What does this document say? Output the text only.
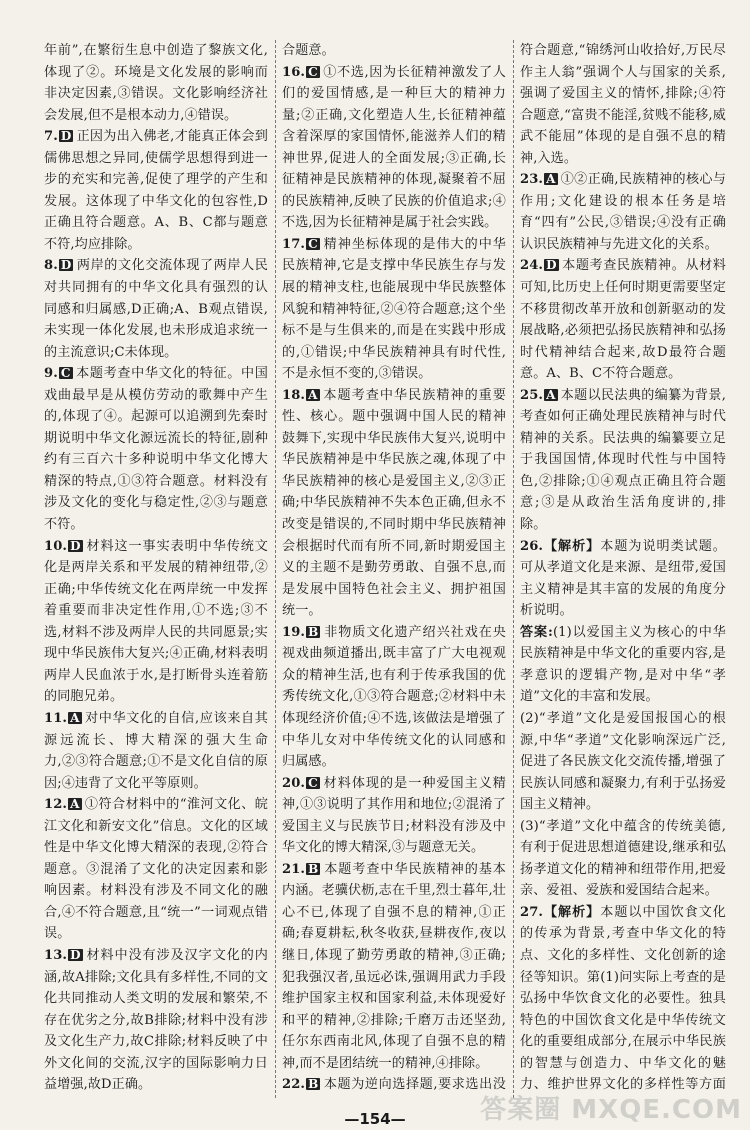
年前”,在繁衍生息中创造了黎族文化,体现了②。环境是文化发展的影响而非决定因素,③错误。文化影响经济社会发展,但不是根本动力,④错误。

7. D 正因为出入佛老,才能真正体会到儒佛思想之异同,使儒学思想得到进一步的充实和完善,促使了理学的产生和发展。这体现了中华文化的包容性,D正确且符合题意。A、B、C都与题意不符,均应排除。

8. D 两岸的文化交流体现了两岸人民对共同拥有的中华文化具有强烈的认同感和归属感,D正确;A、B观点错误,未实现一体化发展,也未形成追求统一的主流意识;C未体现。

9. C 本题考查中华文化的特征。中国戏曲最早是从模仿劳动的歌舞中产生的,体现了④。起源可以追溯到先秦时期说明中华文化源远流长的特征,剧种约有三百六十多种说明中华文化博大精深的特点,①③符合题意。材料没有涉及文化的变化与稳定性,②③与题意不符。

10. D 材料这一事实表明中华传统文化是两岸关系和平发展的精神纽带,②正确;中华传统文化在两岸统一中发挥着重要而非决定性作用,①不选;③不选,材料不涉及两岸人民的共同愿景;实现中华民族伟大复兴;④正确,材料表明两岸人民血浓于水,是打断骨头连着筋的同胞兄弟。

11. A 对中华文化的自信,应该来自其源远流长、博大精深的强大生命力,②③符合题意;①不是文化自信的原因;④违背了文化平等原则。

12. A ①符合材料中的“淮河文化、皖江文化和新安文化”信息。文化的区域性是中华文化博大精深的表现,②符合题意。③混淆了文化的决定因素和影响因素。材料没有涉及不同文化的融合,④不符合题意,且“统一”一词观点错误。

13. D 材料中没有涉及汉字文化的内涵,故A排除;文化具有多样性,不同的文化共同推动人类文明的发展和繁荣,不存在优劣之分,故B排除;材料中没有涉及文化生产力,故C排除;材料反映了中外文化间的交流,汉字的国际影响力日益增强,故D正确。

合题意。

16. C ①不选,因为长征精神激发了人们的爱国情感,是一种巨大的精神力量;②正确,文化塑造人生,长征精神蕴含着深厚的家国情怀,能滋养人们的精神世界,促进人的全面发展;③正确,长征精神是民族精神的体现,凝聚着不屈的民族精神,反映了民族的价值追求;④不选,因为长征精神是属于社会实践。

17. C 精神坐标体现的是伟大的中华民族精神,它是支撑中华民族生存与发展的精神支柱,也能展现中华民族整体风貌和精神特征,②④符合题意;这个坐标不是与生俱来的,而是在实践中形成的,①错误;中华民族精神具有时代性,不是永恒不变的,③错误。

18. A 本题考查中华民族精神的重要性、核心。题中强调中国人民的精神鼓舞下,实现中华民族伟大复兴,说明中华民族精神是中华民族之魂,体现了中华民族精神的核心是爱国主义,②③正确;中华民族精神不失本色正确,但永不改变是错误的,不同时期中华民族精神会根据时代而有所不同,新时期爱国主义的主题不是勤劳勇敢、自强不息,而是发展中国特色社会主义、拥护祖国统一。

19. B 非物质文化遗产绍兴社戏在央视戏曲频道播出,既丰富了广大电视观众的精神生活,也有利于传承我国的优秀传统文化,①③符合题意;②材料中未体现经济价值;④不选,该做法是增强了中华儿女对中华传统文化的认同感和归属感。

20. C 材料体现的是一种爱国主义精神,①③说明了其作用和地位;②混淆了爱国主义与民族节日;材料没有涉及中华文化的博大精深,③与题意无关。

21. B 本题考查中华民族精神的基本内涵。老骥伏枥,志在千里,烈士暮年,壮心不已,体现了自强不息的精神,①正确;春夏耕耘,秋冬收获,昼耕夜作,夜以继日,体现了勤劳勇敢的精神,③正确;犯我强汉者,虽远必诛,强调用武力手段维护国家主权和国家利益,未体现爱好和平的精神,②排除;千磨万击还坚劲,任尔东西南北风,体现了自强不息的精神,而不是团结统一的精神,④排除。

22. B 本题为逆向选择题,要求选出没

符合题意,“锦绣河山收拾好,万民尽作主人翁”强调个人与国家的关系,强调了爱国主义的情怀,排除;④符合题意,“富贵不能淫,贫贱不能移,威武不能屈”体现的是自强不息的精神,入选。

23. A ①②正确,民族精神的核心与作用;文化建设的根本任务是培育“四有”公民,③错误;④没有正确认识民族精神与先进文化的关系。

24. D 本题考查民族精神。从材料可知,比历史上任何时期更需要坚定不移贯彻改革开放和创新驱动的发展战略,必须把弘扬民族精神和弘扬时代精神结合起来,故D最符合题意。A、B、C不符合题意。

25. A 本题以民法典的编纂为背景,考查如何正确处理民族精神与时代精神的关系。民法典的编纂要立足于我国国情,体现时代性与中国特色,②排除;①④观点正确且符合题意;③是从政治生活角度讲的,排除。

26.【解析】本题为说明类试题。可从孝道文化是来源、是纽带,爱国主义精神是其丰富的发展的角度分析说明。

答案:(1)以爱国主义为核心的中华民族精神是中华文化的重要内容,是孝意识的逻辑产物,是对中华“孝道”文化的丰富和发展。

(2)“孝道”文化是爱国报国心的根源,中华“孝道”文化影响深远广泛,促进了各民族文化交流传播,增强了民族认同感和凝聚力,有利于弘扬爱国主义精神。

(3)“孝道”文化中蕴含的传统美德,有利于促进思想道德建设,继承和弘扬孝道文化的精神和纽带作用,把爱亲、爱祖、爱族和爱国结合起来。

27.【解析】本题以中国饮食文化的传承为背景,考查中华文化的特点、文化的多样性、文化创新的途径等知识。第(1)问实际上考查的是弘扬中华饮食文化的必要性。独具特色的中国饮食文化是中华传统文化的重要组成部分,在展示中华民族的智慧与创造力、中华文化的魅力、维护世界文化的多样性等方面

—154—	答案圈 MXQE.COM
